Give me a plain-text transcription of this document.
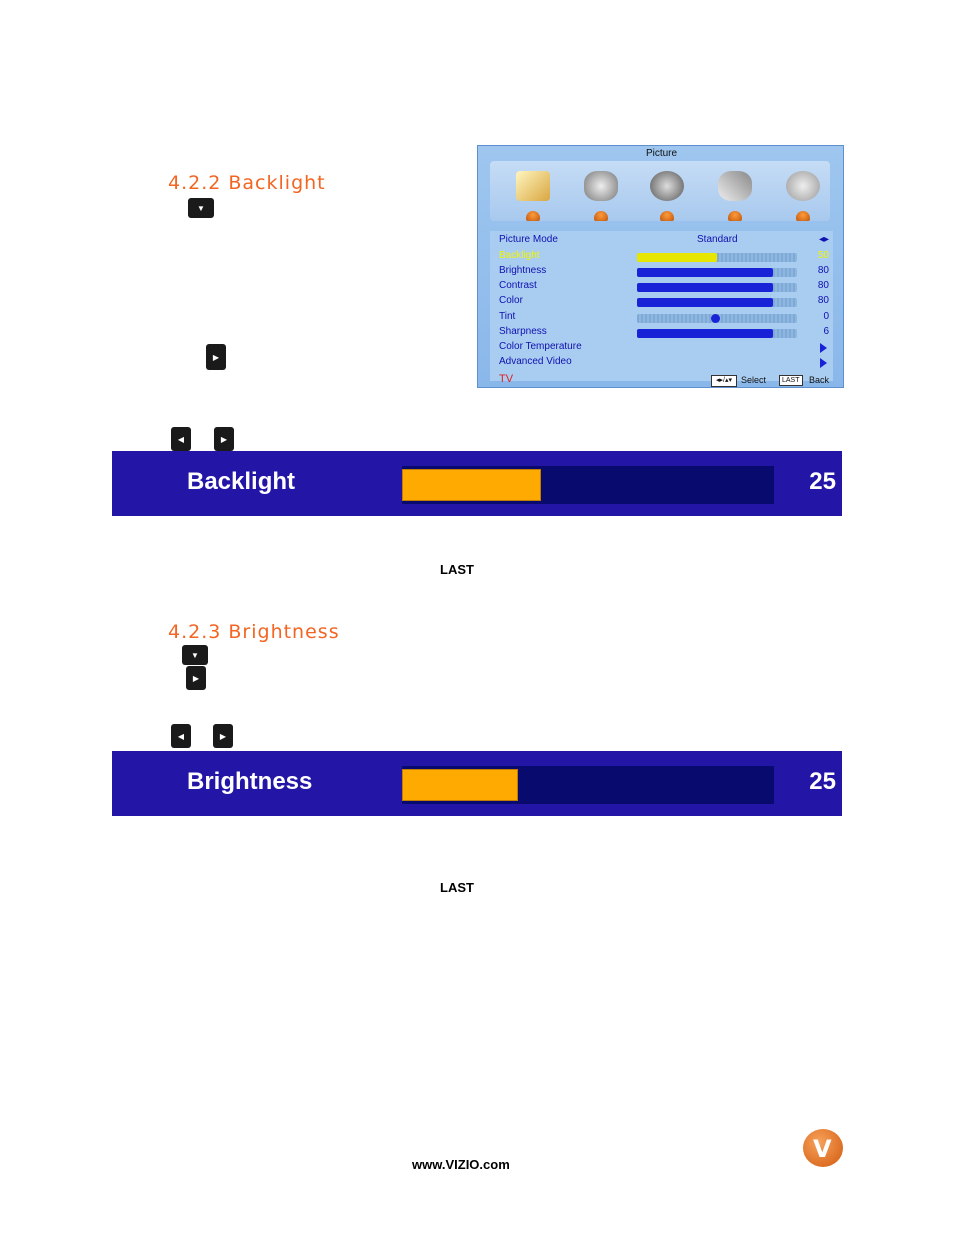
4.2.2 Backlight
▼
▶
Picture
Picture Mode	Standard	◂▸
Backlight	50
Brightness	80
Contrast	80
Color	80
Tint	0
Sharpness	6
Color Temperature
Advanced Video
TV	◂▸/▴▾	Select	LAST	Back
◀	▶
Backlight	25
LAST
4.2.3 Brightness
▼
▶
◀	▶
Brightness	25
LAST
www.VIZIO.com
V
